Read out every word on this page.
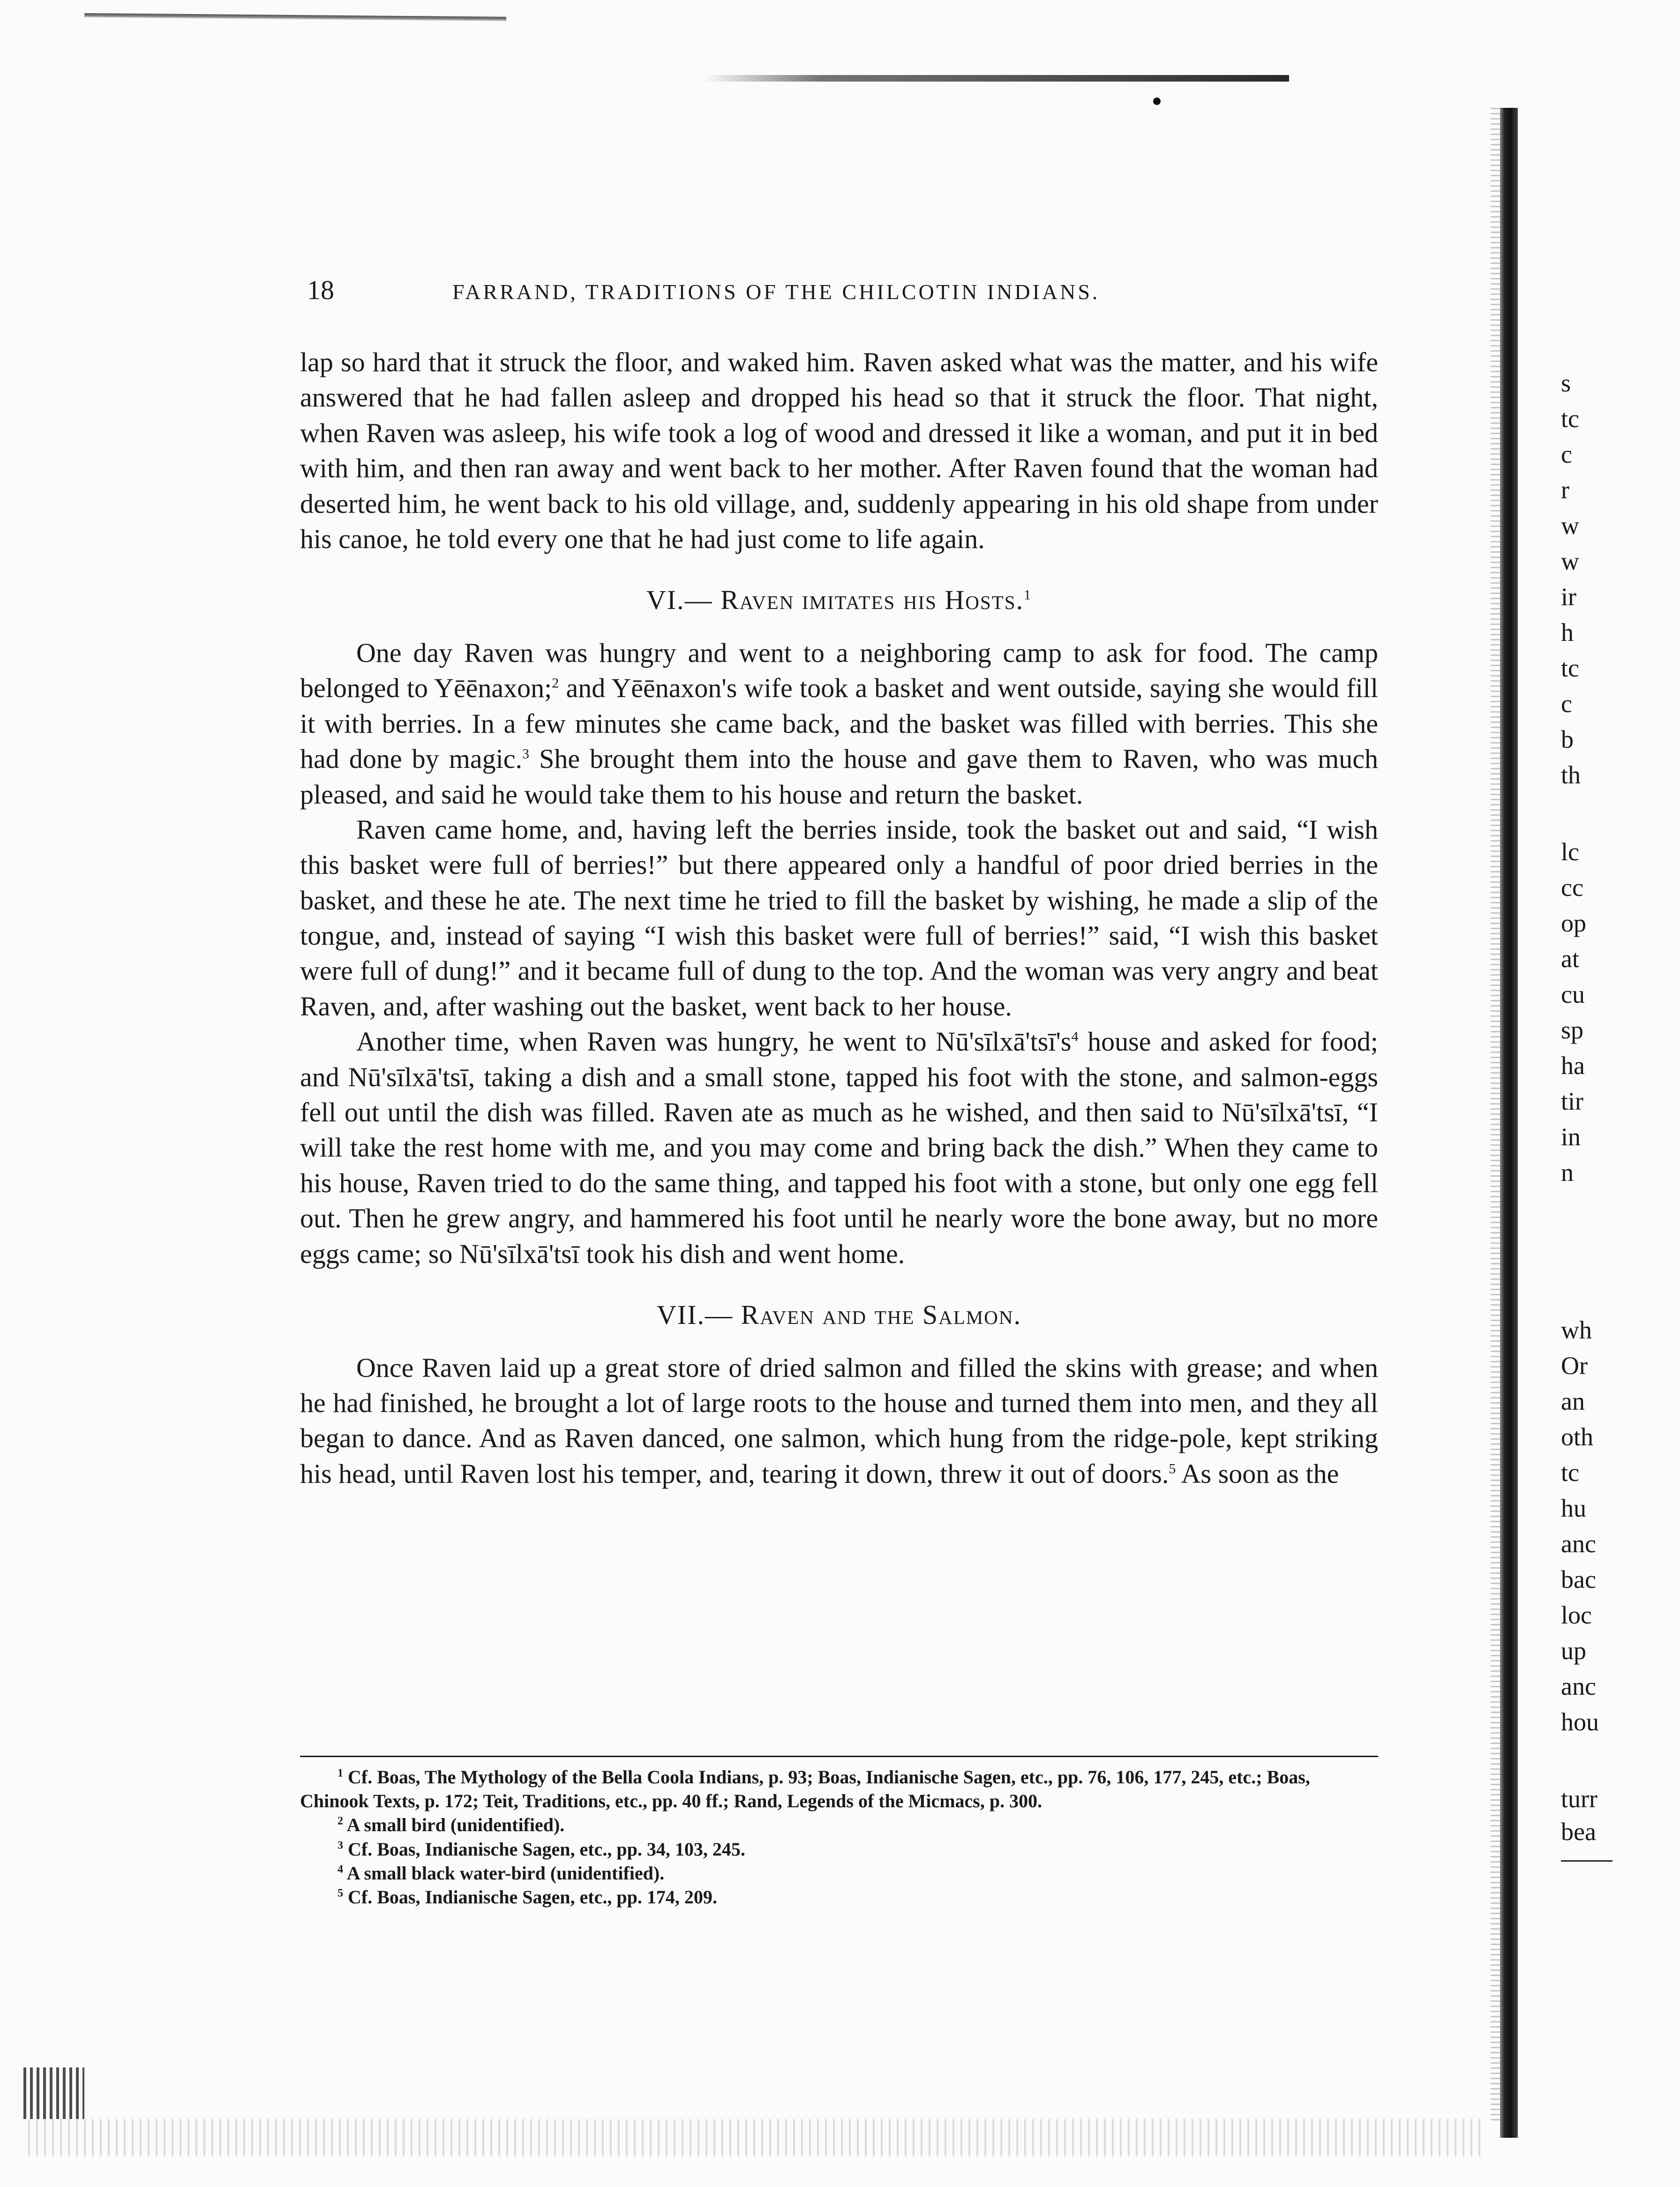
18	FARRAND, TRADITIONS OF THE CHILCOTIN INDIANS.

lap so hard that it struck the floor, and waked him. Raven asked what was the matter, and his wife answered that he had fallen asleep and dropped his head so that it struck the floor. That night, when Raven was asleep, his wife took a log of wood and dressed it like a woman, and put it in bed with him, and then ran away and went back to her mother. After Raven found that the woman had deserted him, he went back to his old village, and, suddenly appearing in his old shape from under his canoe, he told every one that he had just come to life again.

VI.— Raven imitates his Hosts.$^1$

One day Raven was hungry and went to a neighboring camp to ask for food. The camp belonged to Yēēnaxon;$^2$ and Yēēnaxon's wife took a basket and went outside, saying she would fill it with berries. In a few minutes she came back, and the basket was filled with berries. This she had done by magic.$^3$ She brought them into the house and gave them to Raven, who was much pleased, and said he would take them to his house and return the basket.

Raven came home, and, having left the berries inside, took the basket out and said, “I wish this basket were full of berries!” but there appeared only a handful of poor dried berries in the basket, and these he ate. The next time he tried to fill the basket by wishing, he made a slip of the tongue, and, instead of saying “I wish this basket were full of berries!” said, “I wish this basket were full of dung!” and it became full of dung to the top. And the woman was very angry and beat Raven, and, after washing out the basket, went back to her house.

Another time, when Raven was hungry, he went to $Nū'sīlxā'tsī's^4$ house and asked for food; and Nū'sīlxā'tsī, taking a dish and a small stone, tapped his foot with the stone, and salmon-eggs fell out until the dish was filled. Raven ate as much as he wished, and then said to Nū'sīlxā'tsī, “I will take the rest home with me, and you may come and bring back the dish.” When they came to his house, Raven tried to do the same thing, and tapped his foot with a stone, but only one egg fell out. Then he grew angry, and hammered his foot until he nearly wore the bone away, but no more eggs came; so Nū'sīlxā'tsī took his dish and went home.

VII.— Raven and the Salmon.

Once Raven laid up a great store of dried salmon and filled the skins with grease; and when he had finished, he brought a lot of large roots to the house and turned them into men, and they all began to dance. And as Raven danced, one salmon, which hung from the ridge-pole, kept striking his head, until Raven lost his temper, and, tearing it down, threw it out of doors.$^5$ As soon as the

$^1$ Cf. Boas, The Mythology of the Bella Coola Indians, p. 93; Boas, Indianische Sagen, etc., pp. 76, 106, 177, 245, etc.; Boas, Chinook Texts, p. 172; Teit, Traditions, etc., pp. 40 ff.; Rand, Legends of the Micmacs, p. 300.

$^2$ A small bird (unidentified).

$^3$ Cf. Boas, Indianische Sagen, etc., pp. 34, 103, 245.

$^4$ A small black water-bird (unidentified).

$^5$ Cf. Boas, Indianische Sagen, etc., pp. 174, 209.

s
tc
c
r
w
w
ir
h
tc
c
b
th
lc
cc
op
at
cu
sp
ha
tir
in
n
wh
Or
an
oth
tc
hu
anc
bac
loc
up
anc
hou
turr
bea
